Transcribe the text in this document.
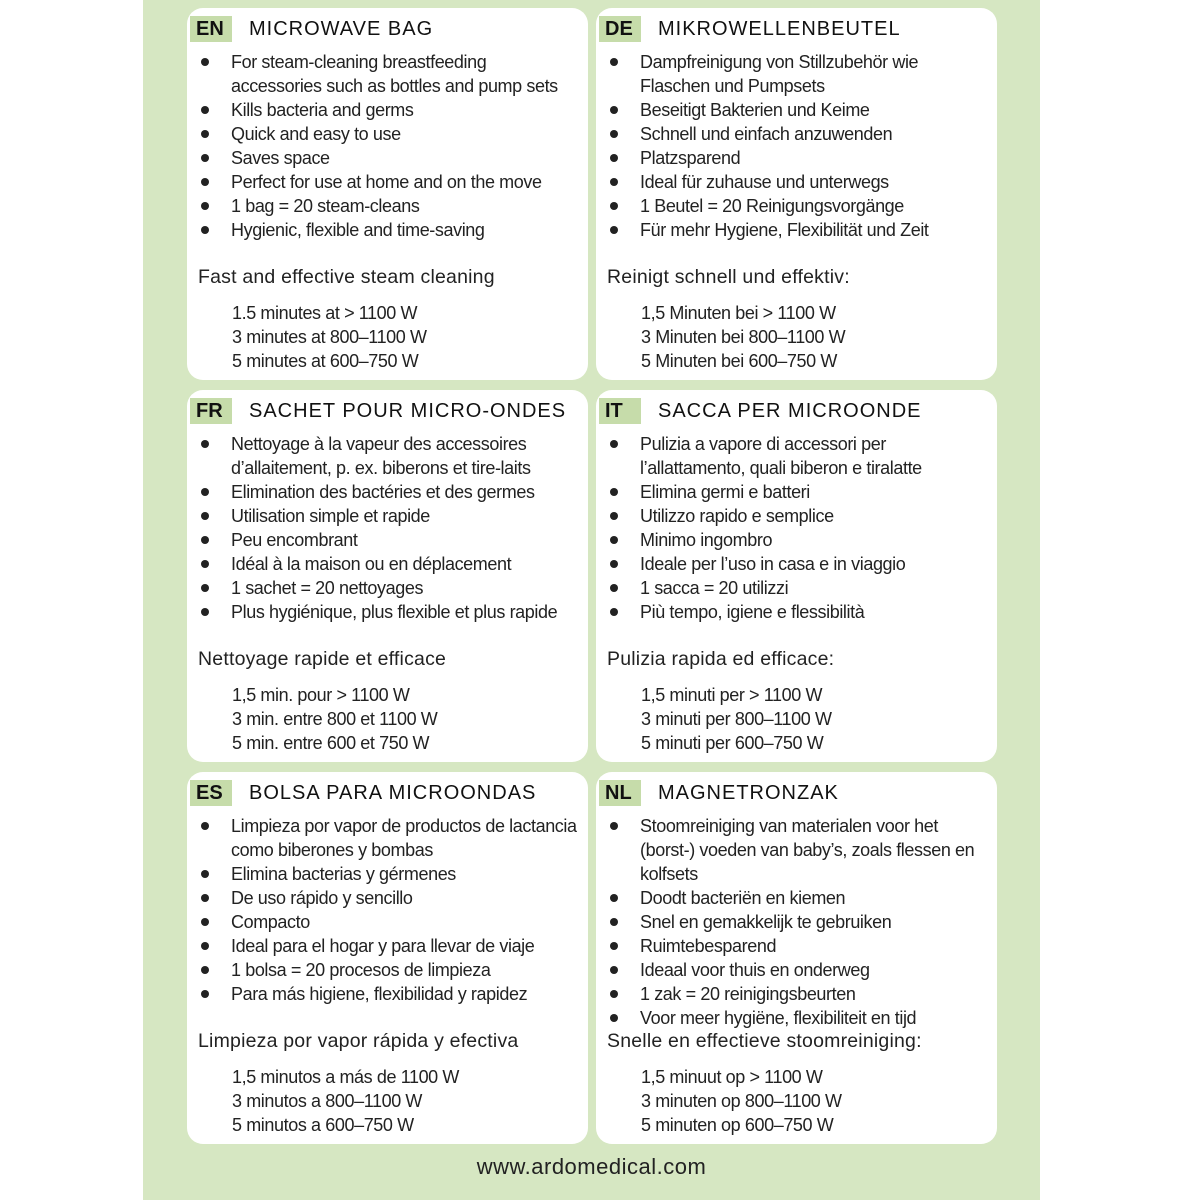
EN	MICROWAVE BAG
For steam-cleaning breastfeeding accessories such as bottles and pump sets
Kills bacteria and germs
Quick and easy to use
Saves space
Perfect for use at home and on the move
1 bag = 20 steam-cleans
Hygienic, flexible and time-saving
Fast and effective steam cleaning
1.5 minutes at > 1100 W
3 minutes at 800–1100 W
5 minutes at 600–750 W
DE	MIKROWELLENBEUTEL
Dampfreinigung von Stillzubehör wie Flaschen und Pumpsets
Beseitigt Bakterien und Keime
Schnell und einfach anzuwenden
Platzsparend
Ideal für zuhause und unterwegs
1 Beutel = 20 Reinigungsvorgänge
Für mehr Hygiene, Flexibilität und Zeit
Reinigt schnell und effektiv:
1,5 Minuten bei > 1100 W
3 Minuten bei 800–1100 W
5 Minuten bei 600–750 W
FR	SACHET POUR MICRO-ONDES
Nettoyage à la vapeur des accessoires d’allaitement, p. ex. biberons et tire-laits
Elimination des bactéries et des germes
Utilisation simple et rapide
Peu encombrant
Idéal à la maison ou en déplacement
1 sachet = 20 nettoyages
Plus hygiénique, plus flexible et plus rapide
Nettoyage rapide et efficace
1,5 min. pour > 1100 W
3 min. entre 800 et 1100 W
5 min. entre 600 et 750 W
IT	SACCA PER MICROONDE
Pulizia a vapore di accessori per l’allattamento, quali biberon e tiralatte
Elimina germi e batteri
Utilizzo rapido e semplice
Minimo ingombro
Ideale per l’uso in casa e in viaggio
1 sacca = 20 utilizzi
Più tempo, igiene e flessibilità
Pulizia rapida ed efficace:
1,5 minuti per > 1100 W
3 minuti per 800–1100 W
5 minuti per 600–750 W
ES	BOLSA PARA MICROONDAS
Limpieza por vapor de productos de lactancia como biberones y bombas
Elimina bacterias y gérmenes
De uso rápido y sencillo
Compacto
Ideal para el hogar y para llevar de viaje
1 bolsa = 20 procesos de limpieza
Para más higiene, flexibilidad y rapidez
Limpieza por vapor rápida y efectiva
1,5 minutos a más de 1100 W
3 minutos a 800–1100 W
5 minutos a 600–750 W
NL	MAGNETRONZAK
Stoomreiniging van materialen voor het (borst-) voeden van baby’s, zoals flessen en kolfsets
Doodt bacteriën en kiemen
Snel en gemakkelijk te gebruiken
Ruimtebesparend
Ideaal voor thuis en onderweg
1 zak = 20 reinigingsbeurten
Voor meer hygiëne, flexibiliteit en tijd
Snelle en effectieve stoomreiniging:
1,5 minuut op > 1100 W
3 minuten op 800–1100 W
5 minuten op 600–750 W
www.ardomedical.com
